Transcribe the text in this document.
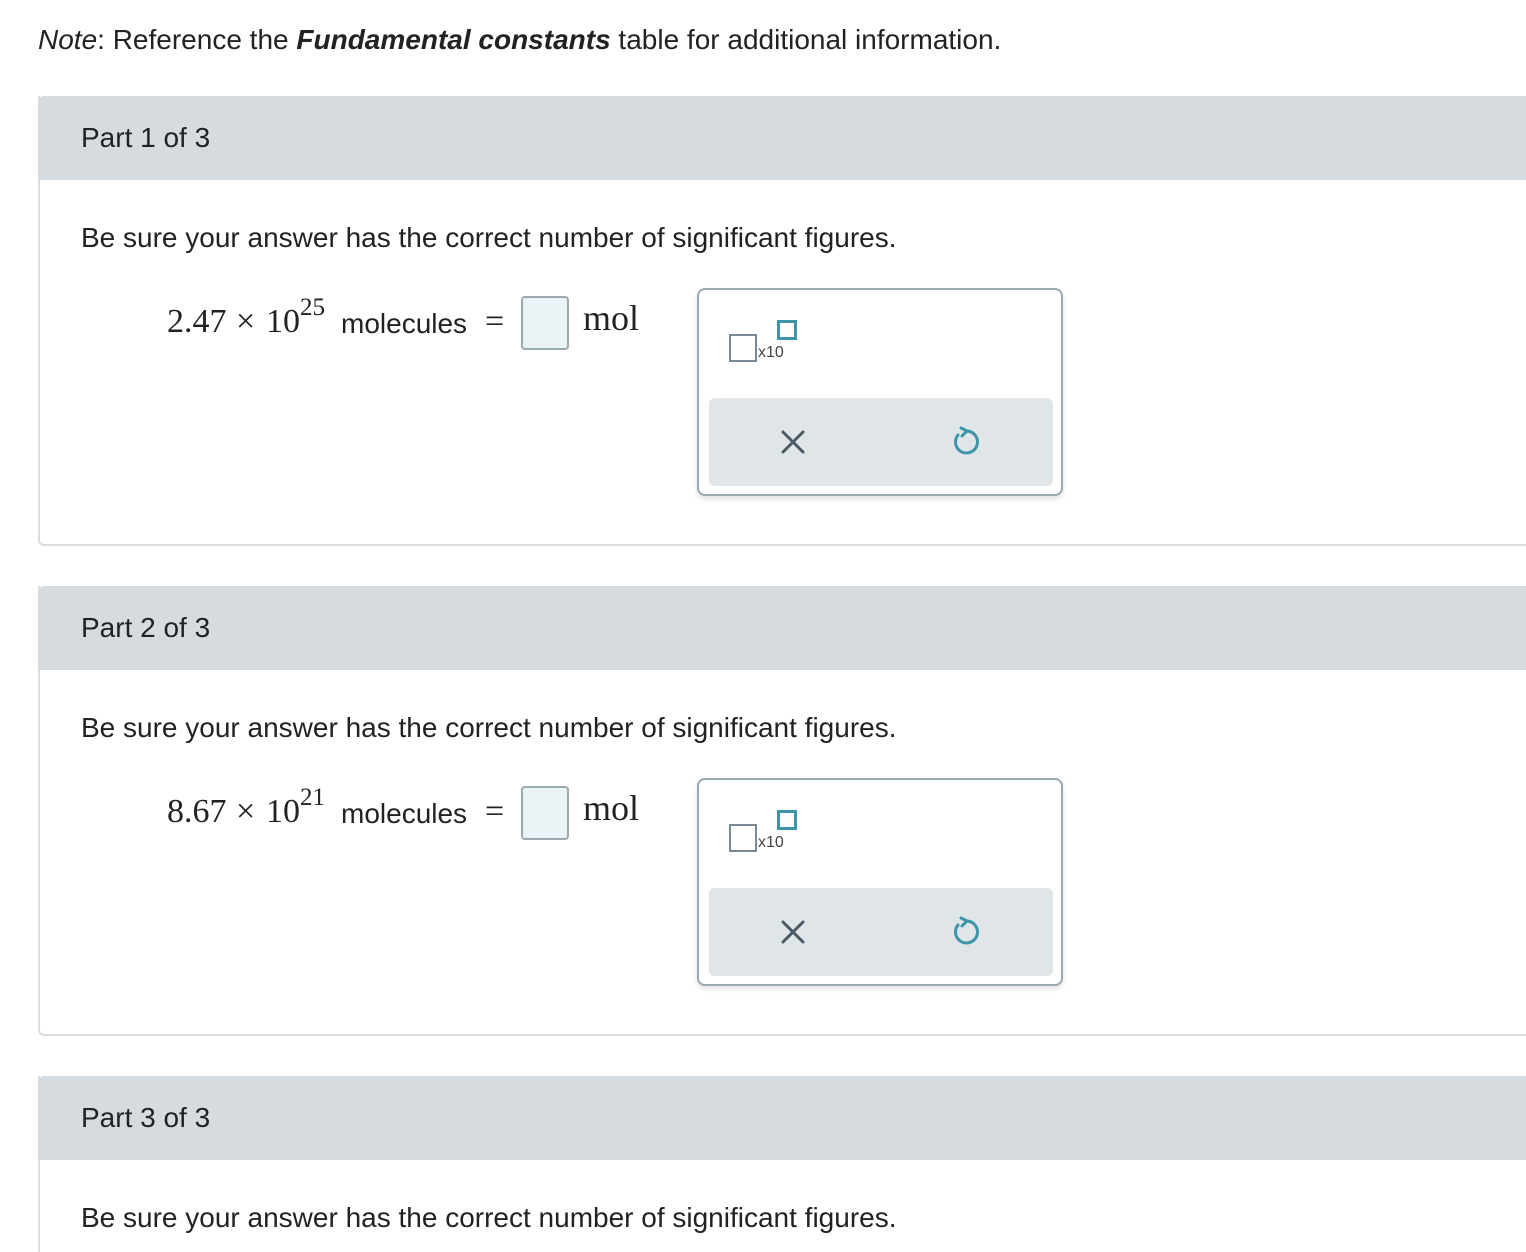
Note: Reference the Fundamental constants table for additional information.
Part 1 of 3
Be sure your answer has the correct number of significant figures.
2.47 × 10 25
molecules = mol
x10
Part 2 of 3
Be sure your answer has the correct number of significant figures.
8.67 × 10 21
molecules = mol
x10
Part 3 of 3
Be sure your answer has the correct number of significant figures.
